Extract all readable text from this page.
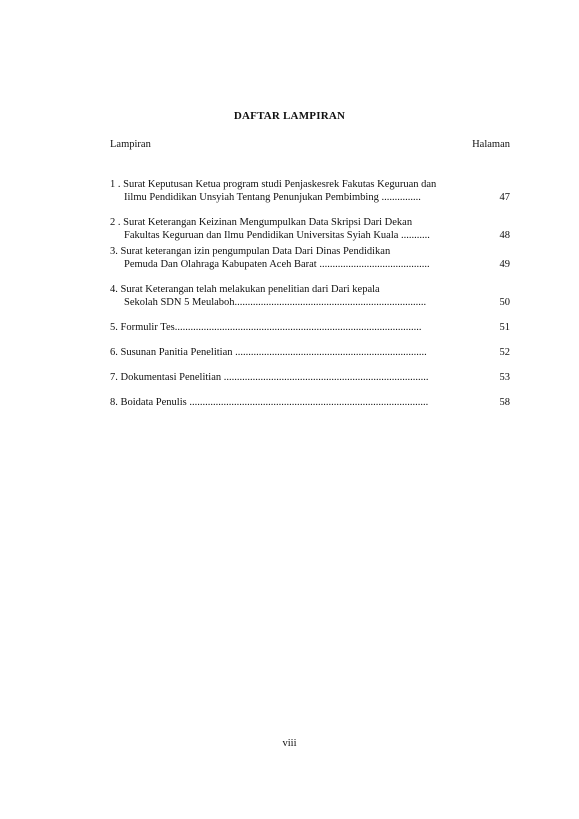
DAFTAR LAMPIRAN
Lampiran	Halaman
1 . Surat Keputusan Ketua program studi Penjaskesrek Fakutas Keguruan dan
Iilmu Pendidikan Unsyiah Tentang Penunjukan Pembimbing ...............	47
2 . Surat Keterangan Keizinan Mengumpulkan Data Skripsi Dari Dekan
Fakultas Keguruan dan Ilmu Pendidikan Universitas Syiah Kuala ...........	48
3. Surat keterangan izin pengumpulan Data Dari Dinas Pendidikan
Pemuda Dan Olahraga Kabupaten Aceh Barat ..........................................	49
4. Surat Keterangan telah melakukan penelitian dari Dari kepala
Sekolah SDN 5 Meulaboh.........................................................................	50
5. Formulir Tes..............................................................................................	51
6. Susunan Panitia Penelitian .........................................................................	52
7. Dokumentasi Penelitian ..............................................................................	53
8. Boidata Penulis ...........................................................................................	58
viii
